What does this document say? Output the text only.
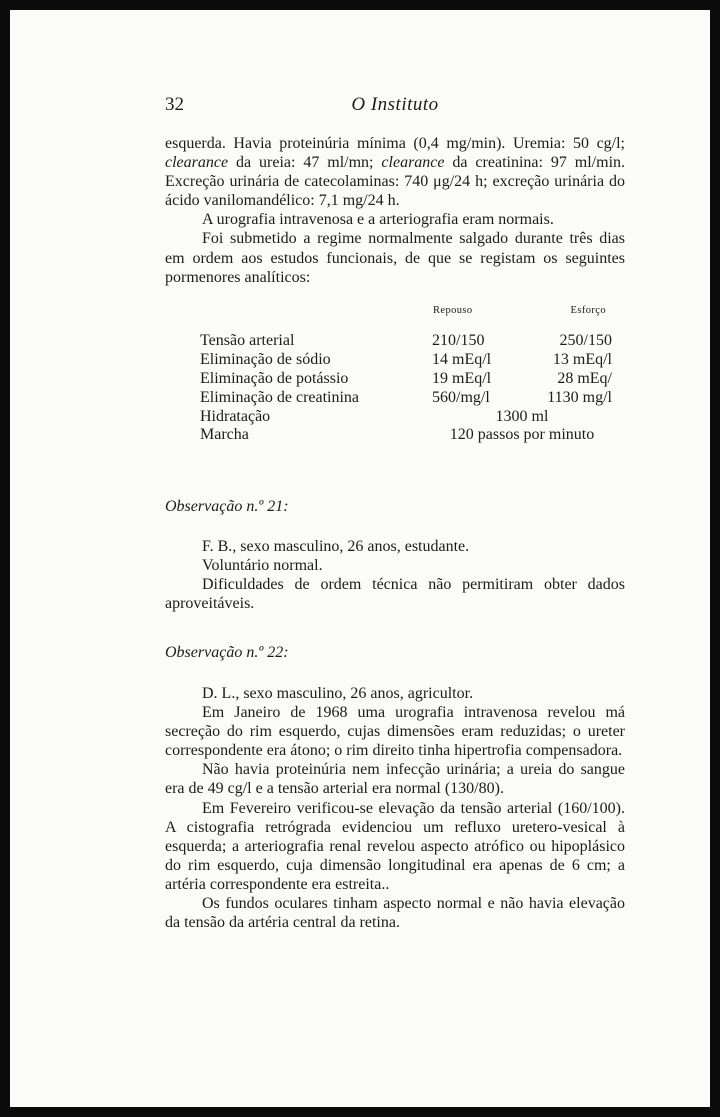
32	O Instituto

esquerda. Havia proteinúria mínima (0,4 mg/min). Uremia: 50 cg/l; clearance da ureia: 47 ml/mn; clearance da creatinina: 97 ml/min. Excreção urinária de catecolaminas: 740 μg/24 h; excreção urinária do ácido vanilomandélico: 7,1 mg/24 h.

A urografia intravenosa e a arteriografia eram normais.

Foi submetido a regime normalmente salgado durante três dias em ordem aos estudos funcionais, de que se registam os seguintes pormenores analíticos:

Repouso	Esforço
Tensão arterial	210/150	250/150
Eliminação de sódio	14 mEq/l	13 mEq/l
Eliminação de potássio	19 mEq/l	28 mEq/
Eliminação de creatinina	560/mg/l	1130 mg/l
Hidratação	1300 ml
Marcha	120 passos por minuto
Observação n.º 21:

F. B., sexo masculino, 26 anos, estudante.

Voluntário normal.

Dificuldades de ordem técnica não permitiram obter dados aproveitáveis.

Observação n.º 22:

D. L., sexo masculino, 26 anos, agricultor.

Em Janeiro de 1968 uma urografia intravenosa revelou má secreção do rim esquerdo, cujas dimensões eram reduzidas; o ureter correspondente era átono; o rim direito tinha hipertrofia compensadora.

Não havia proteinúria nem infecção urinária; a ureia do sangue era de 49 cg/l e a tensão arterial era normal (130/80).

Em Fevereiro verificou-se elevação da tensão arterial (160/100). A cistografia retrógrada evidenciou um refluxo uretero-vesical à esquerda; a arteriografia renal revelou aspecto atrófico ou hipoplásico do rim esquerdo, cuja dimensão longitudinal era apenas de 6 cm; a artéria correspondente era estreita..

Os fundos oculares tinham aspecto normal e não havia elevação da tensão da artéria central da retina.
